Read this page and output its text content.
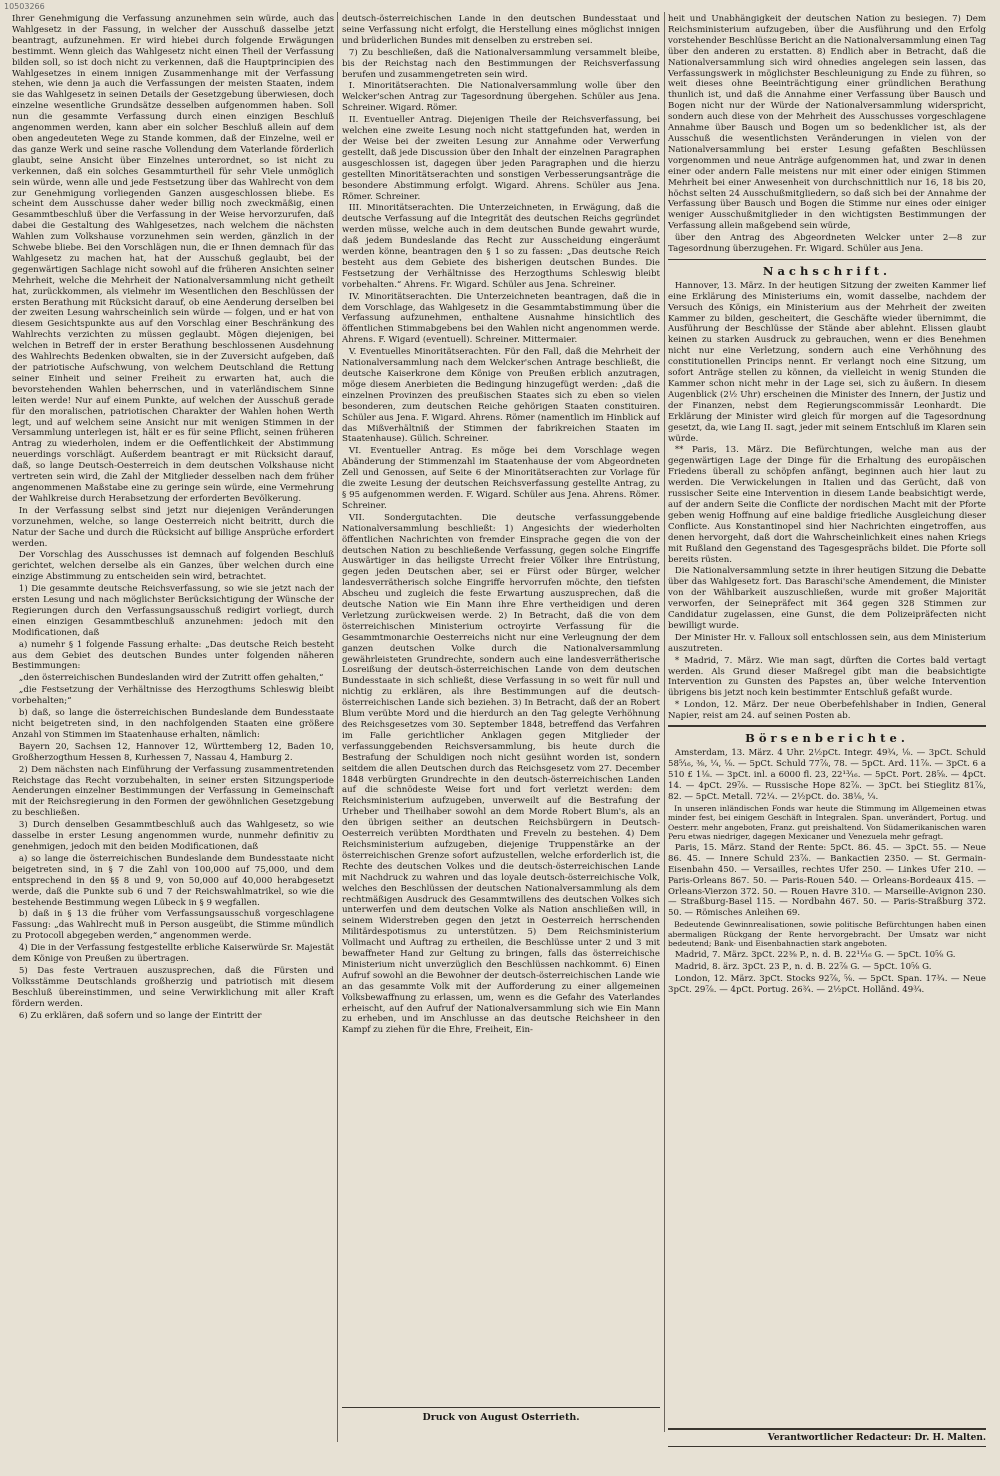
10503266

Ihrer Genehmigung die Verfassung anzunehmen sein würde, auch das Wahlgesetz in der Fassung, in welcher der Ausschuß dasselbe jetzt beantragt, aufzunehmen. Er wird hiebei durch folgende Erwägungen bestimmt. Wenn gleich das Wahlgesetz nicht einen Theil der Verfassung bilden soll, so ist doch nicht zu verkennen, daß die Hauptprincipien des Wahlgesetzes in einem innigen Zusammenhange mit der Verfassung stehen, wie denn ja auch die Verfassungen der meisten Staaten, indem sie das Wahlgesetz in seinen Details der Gesetzgebung überwiesen, doch einzelne wesentliche Grundsätze desselben aufgenommen haben. Soll nun die gesammte Verfassung durch einen einzigen Beschluß angenommen werden, kann aber ein solcher Beschluß allein auf dem oben angedeuteten Wege zu Stande kommen, daß der Einzelne, weil er das ganze Werk und seine rasche Vollendung dem Vaterlande förderlich glaubt, seine Ansicht über Einzelnes unterordnet, so ist nicht zu verkennen, daß ein solches Gesammturtheil für sehr Viele unmöglich sein würde, wenn alle und jede Festsetzung über das Wahlrecht von dem zur Genehmigung vorliegenden Ganzen ausgeschlossen bliebe. Es scheint dem Ausschusse daher weder billig noch zweckmäßig, einen Gesammtbeschluß über die Verfassung in der Weise hervorzurufen, daß dabei die Gestaltung des Wahlgesetzes, nach welchem die nächsten Wahlen zum Volkshause vorzunehmen sein werden, gänzlich in der Schwebe bliebe. Bei den Vorschlägen nun, die er Ihnen demnach für das Wahlgesetz zu machen hat, hat der Ausschuß geglaubt, bei der gegenwärtigen Sachlage nicht sowohl auf die früheren Ansichten seiner Mehrheit, welche die Mehrheit der Nationalversammlung nicht getheilt hat, zurückkommen, als vielmehr im Wesentlichen den Beschlüssen der ersten Berathung mit Rücksicht darauf, ob eine Aenderung derselben bei der zweiten Lesung wahrscheinlich sein würde — folgen, und er hat von diesem Gesichtspunkte aus auf den Vorschlag einer Beschränkung des Wahlrechts verzichten zu müssen geglaubt. Mögen diejenigen, bei welchen in Betreff der in erster Berathung beschlossenen Ausdehnung des Wahlrechts Bedenken obwalten, sie in der Zuversicht aufgeben, daß der patriotische Aufschwung, von welchem Deutschland die Rettung seiner Einheit und seiner Freiheit zu erwarten hat, auch die bevorstehenden Wahlen beherrschen, und in vaterländischem Sinne leiten werde! Nur auf einem Punkte, auf welchen der Ausschuß gerade für den moralischen, patriotischen Charakter der Wahlen hohen Werth legt, und auf welchem seine Ansicht nur mit wenigen Stimmen in der Versammlung unterlegen ist, hält er es für seine Pflicht, seinen früheren Antrag zu wiederholen, indem er die Oeffentlichkeit der Abstimmung neuerdings vorschlägt. Außerdem beantragt er mit Rücksicht darauf, daß, so lange Deutsch-Oesterreich in dem deutschen Volkshause nicht vertreten sein wird, die Zahl der Mitglieder desselben nach dem früher angenommenen Maßstabe eine zu geringe sein würde, eine Vermehrung der Wahlkreise durch Herabsetzung der erforderten Bevölkerung.

In der Verfassung selbst sind jetzt nur diejenigen Veränderungen vorzunehmen, welche, so lange Oesterreich nicht beitritt, durch die Natur der Sache und durch die Rücksicht auf billige Ansprüche erfordert werden.

Der Vorschlag des Ausschusses ist demnach auf folgenden Beschluß gerichtet, welchen derselbe als ein Ganzes, über welchen durch eine einzige Abstimmung zu entscheiden sein wird, betrachtet.

1) Die gesammte deutsche Reichsverfassung, so wie sie jetzt nach der ersten Lesung und nach möglichster Berücksichtigung der Wünsche der Regierungen durch den Verfassungsausschuß redigirt vorliegt, durch einen einzigen Gesammtbeschluß anzunehmen: jedoch mit den Modificationen, daß

a) numehr § 1 folgende Fassung erhalte: „Das deutsche Reich besteht aus dem Gebiet des deutschen Bundes unter folgenden näheren Bestimmungen:

„den österreichischen Bundeslanden wird der Zutritt offen gehalten,“

„die Festsetzung der Verhältnisse des Herzogthums Schleswig bleibt vorbehalten;“

b) daß, so lange die österreichischen Bundeslande dem Bundesstaate nicht beigetreten sind, in den nachfolgenden Staaten eine größere Anzahl von Stimmen im Staatenhause erhalten, nämlich:

Bayern 20, Sachsen 12, Hannover 12, Württemberg 12, Baden 10, Großherzogthum Hessen 8, Kurhessen 7, Nassau 4, Hamburg 2.

2) Dem nächsten nach Einführung der Verfassung zusammentretenden Reichstage das Recht vorzubehalten, in seiner ersten Sitzungsperiode Aenderungen einzelner Bestimmungen der Verfassung in Gemeinschaft mit der Reichsregierung in den Formen der gewöhnlichen Gesetzgebung zu beschließen.

3) Durch denselben Gesammtbeschluß auch das Wahlgesetz, so wie dasselbe in erster Lesung angenommen wurde, nunmehr definitiv zu genehmigen, jedoch mit den beiden Modificationen, daß

a) so lange die österreichischen Bundeslande dem Bundesstaate nicht beigetreten sind, in § 7 die Zahl von 100,000 auf 75,000, und dem entsprechend in den §§ 8 und 9, von 50,000 auf 40,000 herabgesetzt werde, daß die Punkte sub 6 und 7 der Reichswahlmatrikel, so wie die bestehende Bestimmung wegen Lübeck in § 9 wegfallen.

b) daß in § 13 die früher vom Verfassungsausschuß vorgeschlagene Fassung: „das Wahlrecht muß in Person ausgeübt, die Stimme mündlich zu Protocoll abgegeben werden,“ angenommen werde.

4) Die in der Verfassung festgestellte erbliche Kaiserwürde Sr. Majestät dem Könige von Preußen zu übertragen.

5) Das feste Vertrauen auszusprechen, daß die Fürsten und Volksstämme Deutschlands großherzig und patriotisch mit diesem Beschluß übereinstimmen, und seine Verwirklichung mit aller Kraft fördern werden.

6) Zu erklären, daß sofern und so lange der Eintritt der

deutsch-österreichischen Lande in den deutschen Bundesstaat und seine Verfassung nicht erfolgt, die Herstellung eines möglichst innigen und brüderlichen Bundes mit denselben zu erstreben sei.

7) Zu beschließen, daß die Nationalversammlung versammelt bleibe, bis der Reichstag nach den Bestimmungen der Reichsverfassung berufen und zusammengetreten sein wird.

I. Minoritätserachten. Die Nationalversammlung wolle über den Welcker'schen Antrag zur Tagesordnung übergehen. Schüler aus Jena. Schreiner. Wigard. Römer.

II. Eventueller Antrag. Diejenigen Theile der Reichsverfassung, bei welchen eine zweite Lesung noch nicht stattgefunden hat, werden in der Weise bei der zweiten Lesung zur Annahme oder Verwerfung gestellt, daß jede Discussion über den Inhalt der einzelnen Paragraphen ausgeschlossen ist, dagegen über jeden Paragraphen und die hierzu gestellten Minoritätserachten und sonstigen Verbesserungsanträge die besondere Abstimmung erfolgt. Wigard. Ahrens. Schüler aus Jena. Römer. Schreiner.

III. Minoritätserachten. Die Unterzeichneten, in Erwägung, daß die deutsche Verfassung auf die Integrität des deutschen Reichs gegründet werden müsse, welche auch in dem deutschen Bunde gewahrt wurde, daß jedem Bundeslande das Recht zur Ausscheidung eingeräumt werden könne, beantragen den § 1 so zu fassen: „Das deutsche Reich besteht aus dem Gebiete des bisherigen deutschen Bundes. Die Festsetzung der Verhältnisse des Herzogthums Schleswig bleibt vorbehalten.“ Ahrens. Fr. Wigard. Schüler aus Jena. Schreiner.

IV. Minoritätserachten. Die Unterzeichneten beantragen, daß die in dem Vorschlage, das Wahlgesetz in die Gesammtabstimmung über die Verfassung aufzunehmen, enthaltene Ausnahme hinsichtlich des öffentlichen Stimmabgebens bei den Wahlen nicht angenommen werde. Ahrens. F. Wigard (eventuell). Schreiner. Mittermaier.

V. Eventuelles Minoritätserachten. Für den Fall, daß die Mehrheit der Nationalversammlung nach dem Welcker'schen Antrage beschließt, die deutsche Kaiserkrone dem Könige von Preußen erblich anzutragen, möge diesem Anerbieten die Bedingung hinzugefügt werden: „daß die einzelnen Provinzen des preußischen Staates sich zu eben so vielen besonderen, zum deutschen Reiche gehörigen Staaten constituiren. Schüler aus Jena. F. Wigard. Ahrens. Römer (namentlich im Hinblick auf das Mißverhältniß der Stimmen der fabrikreichen Staaten im Staatenhause). Gülich. Schreiner.

VI. Eventueller Antrag. Es möge bei dem Vorschlage wegen Abänderung der Stimmenzahl im Staatenhause der vom Abgeordneten Zell und Genossen, auf Seite 6 der Minoritätserachten zur Vorlage für die zweite Lesung der deutschen Reichsverfassung gestellte Antrag, zu § 95 aufgenommen werden. F. Wigard. Schüler aus Jena. Ahrens. Römer. Schreiner.

VII. Sondergutachten. Die deutsche verfassunggebende Nationalversammlung beschließt: 1) Angesichts der wiederholten öffentlichen Nachrichten von fremder Einsprache gegen die von der deutschen Nation zu beschließende Verfassung, gegen solche Eingriffe Auswärtiger in das heiligste Urrecht freier Völker ihre Entrüstung, gegen jeden Deutschen aber, sei er Fürst oder Bürger, welcher landesverrätherisch solche Eingriffe hervorrufen möchte, den tiefsten Abscheu und zugleich die feste Erwartung auszusprechen, daß die deutsche Nation wie Ein Mann ihre Ehre vertheidigen und deren Verletzung zurückweisen werde. 2) In Betracht, daß die von dem österreichischen Ministerium octroyirte Verfassung für die Gesammtmonarchie Oesterreichs nicht nur eine Verleugnung der dem ganzen deutschen Volke durch die Nationalversammlung gewährleisteten Grundrechte, sondern auch eine landesverrätherische Losreißung der deutsch-österreichischen Lande von dem deutschen Bundesstaate in sich schließt, diese Verfassung in so weit für null und nichtig zu erklären, als ihre Bestimmungen auf die deutsch-österreichischen Lande sich beziehen. 3) In Betracht, daß der an Robert Blum verübte Mord und die hierdurch an den Tag gelegte Verhöhnung des Reichsgesetzes vom 30. September 1848, betreffend das Verfahren im Falle gerichtlicher Anklagen gegen Mitglieder der verfassunggebenden Reichsversammlung, bis heute durch die Bestrafung der Schuldigen noch nicht gesühnt worden ist, sondern seitdem die allen Deutschen durch das Reichsgesetz vom 27. December 1848 verbürgten Grundrechte in den deutsch-österreichischen Landen auf die schnödeste Weise fort und fort verletzt werden: dem Reichsministerium aufzugeben, unverweilt auf die Bestrafung der Urheber und Theilhaber sowohl an dem Morde Robert Blum's, als an den übrigen seither an deutschen Reichsbürgern in Deutsch-Oesterreich verübten Mordthaten und Freveln zu bestehen. 4) Dem Reichsministerium aufzugeben, diejenige Truppenstärke an der österreichischen Grenze sofort aufzustellen, welche erforderlich ist, die Rechte des deutschen Volkes und die deutsch-österreichischen Lande mit Nachdruck zu wahren und das loyale deutsch-österreichische Volk, welches den Beschlüssen der deutschen Nationalversammlung als dem rechtmäßigen Ausdruck des Gesammtwillens des deutschen Volkes sich unterwerfen und dem deutschen Volke als Nation anschließen will, in seinem Widerstreben gegen den jetzt in Oesterreich herrschenden Militärdespotismus zu unterstützen. 5) Dem Reichsministerium Vollmacht und Auftrag zu ertheilen, die Beschlüsse unter 2 und 3 mit bewaffneter Hand zur Geltung zu bringen, falls das österreichische Ministerium nicht unverzüglich den Beschlüssen nachkommt. 6) Einen Aufruf sowohl an die Bewohner der deutsch-österreichischen Lande wie an das gesammte Volk mit der Aufforderung zu einer allgemeinen Volksbewaffnung zu erlassen, um, wenn es die Gefahr des Vaterlandes erheischt, auf den Aufruf der Nationalversammlung sich wie Ein Mann zu erheben, und im Anschlusse an das deutsche Reichsheer in den Kampf zu ziehen für die Ehre, Freiheit, Ein-

heit und Unabhängigkeit der deutschen Nation zu besiegen. 7) Dem Reichsministerium aufzugeben, über die Ausführung und den Erfolg vorstehender Beschlüsse Bericht an die Nationalversammlung einen Tag über den anderen zu erstatten. 8) Endlich aber in Betracht, daß die Nationalversammlung sich wird ohnedies angelegen sein lassen, das Verfassungswerk in möglichster Beschleunigung zu Ende zu führen, so weit dieses ohne Beeinträchtigung einer gründlichen Berathung thunlich ist, und daß die Annahme einer Verfassung über Bausch und Bogen nicht nur der Würde der Nationalversammlung widerspricht, sondern auch diese von der Mehrheit des Ausschusses vorgeschlagene Annahme über Bausch und Bogen um so bedenklicher ist, als der Ausschuß die wesentlichsten Veränderungen in vielen von der Nationalversammlung bei erster Lesung gefaßten Beschlüssen vorgenommen und neue Anträge aufgenommen hat, und zwar in denen einer oder andern Falle meistens nur mit einer oder einigen Stimmen Mehrheit bei einer Anwesenheit von durchschnittlich nur 16, 18 bis 20, höchst selten 24 Ausschußmitgliedern, so daß sich bei der Annahme der Verfassung über Bausch und Bogen die Stimme nur eines oder einiger weniger Ausschußmitglieder in den wichtigsten Bestimmungen der Verfassung allein maßgebend sein würde,

über den Antrag des Abgeordneten Welcker unter 2—8 zur Tagesordnung überzugehen. Fr. Wigard. Schüler aus Jena.

Nachschrift.

Hannover, 13. März. In der heutigen Sitzung der zweiten Kammer lief eine Erklärung des Ministeriums ein, womit dasselbe, nachdem der Versuch des Königs, ein Ministerium aus der Mehrheit der zweiten Kammer zu bilden, gescheitert, die Geschäfte wieder übernimmt, die Ausführung der Beschlüsse der Stände aber ablehnt. Elissen glaubt keinen zu starken Ausdruck zu gebrauchen, wenn er dies Benehmen nicht nur eine Verletzung, sondern auch eine Verhöhnung des constitutionellen Princips nennt. Er verlangt noch eine Sitzung, um sofort Anträge stellen zu können, da vielleicht in wenig Stunden die Kammer schon nicht mehr in der Lage sei, sich zu äußern. In diesem Augenblick (2½ Uhr) erscheinen die Minister des Innern, der Justiz und der Finanzen, nebst dem Regierungscommissär Leonhardt. Die Erklärung der Minister wird gleich für morgen auf die Tagesordnung gesetzt, da, wie Lang II. sagt, jeder mit seinem Entschluß im Klaren sein würde.

** Paris, 13. März. Die Befürchtungen, welche man aus der gegenwärtigen Lage der Dinge für die Erhaltung des europäischen Friedens überall zu schöpfen anfängt, beginnen auch hier laut zu werden. Die Verwickelungen in Italien und das Gerücht, daß von russischer Seite eine Intervention in diesem Lande beabsichtigt werde, auf der andern Seite die Conflicte der nordischen Macht mit der Pforte geben wenig Hoffnung auf eine baldige friedliche Ausgleichung dieser Conflicte. Aus Konstantinopel sind hier Nachrichten eingetroffen, aus denen hervorgeht, daß dort die Wahrscheinlichkeit eines nahen Kriegs mit Rußland den Gegenstand des Tagesgesprächs bildet. Die Pforte soll bereits rüsten.

Die Nationalversammlung setzte in ihrer heutigen Sitzung die Debatte über das Wahlgesetz fort. Das Baraschi'sche Amendement, die Minister von der Wählbarkeit auszuschließen, wurde mit großer Majorität verworfen, der Seinepräfect mit 364 gegen 328 Stimmen zur Candidatur zugelassen, eine Gunst, die dem Polizeipräfecten nicht bewilligt wurde.

Der Minister Hr. v. Falloux soll entschlossen sein, aus dem Ministerium auszutreten.

* Madrid, 7. März. Wie man sagt, dürften die Cortes bald vertagt werden. Als Grund dieser Maßregel gibt man die beabsichtigte Intervention zu Gunsten des Papstes an, über welche Intervention übrigens bis jetzt noch kein bestimmter Entschluß gefaßt wurde.

* London, 12. März. Der neue Oberbefehlshaber in Indien, General Napier, reist am 24. auf seinen Posten ab.

Börsenberichte.

Amsterdam, 13. März. 4 Uhr. 2½pCt. Integr. 49¾, ⅛. — 3pCt. Schuld 58⁵⁄₁₆, ⅜, ¼, ⅛. — 5pCt. Schuld 77⅞, 78. — 5pCt. Ard. 11⅞. — 3pCt. 6 a 510 £ 1⅛. — 3pCt. inl. a 6000 fl. 23, 22¹³⁄₁₆. — 5pCt. Port. 28⅝. — 4pCt. 14. — 4pCt. 29⅞. — Russische Hope 82⅞. — 3pCt. bei Stieglitz 81⅞, 82. — 5pCt. Metall. 72¼. — 2½pCt. do. 38⅛, ¼.

In unseren inländischen Fonds war heute die Stimmung im Allgemeinen etwas minder fest, bei einigem Geschäft in Integralen. Span. unverändert, Portug. und Oesterr. mehr angeboten, Franz. gut preishaltend. Von Südamerikanischen waren Peru etwas niedriger, dagegen Mexicaner und Venezuela mehr gefragt.

Paris, 15. März. Stand der Rente: 5pCt. 86. 45. — 3pCt. 55. — Neue 86. 45. — Innere Schuld 23⅞. — Bankactien 2350. — St. Germain-Eisenbahn 450. — Versailles, rechtes Ufer 250. — Linkes Ufer 210. — Paris-Orleans 867. 50. — Paris-Rouen 540. — Orleans-Bordeaux 415. — Orleans-Vierzon 372. 50. — Rouen Havre 310. — Marseille-Avignon 230. — Straßburg-Basel 115. — Nordbahn 467. 50. — Paris-Straßburg 372. 50. — Römisches Anleihen 69.

Bedeutende Gewinnrealisationen, sowie politische Befürchtungen haben einen abermaligen Rückgang der Rente hervorgebracht. Der Umsatz war nicht bedeutend; Bank- und Eisenbahnactien stark angeboten.

Madrid, 7. März. 3pCt. 22⅜ P., n. d. B. 22¹¹⁄₁₆ G. — 5pCt. 10⅝ G.

Madrid, 8. ärz. 3pCt. 23 P., n. d. B. 22⅞ G. — 5pCt. 10⅝ G.

London, 12. März. 3pCt. Stocks 92⅞, ⅝. — 5pCt. Span. 17¾. — Neue 3pCt. 29⅞. — 4pCt. Portug. 26¾. — 2½pCt. Holländ. 49¾.

Druck von August Osterrieth.
Verantwortlicher Redacteur: Dr. H. Malten.
